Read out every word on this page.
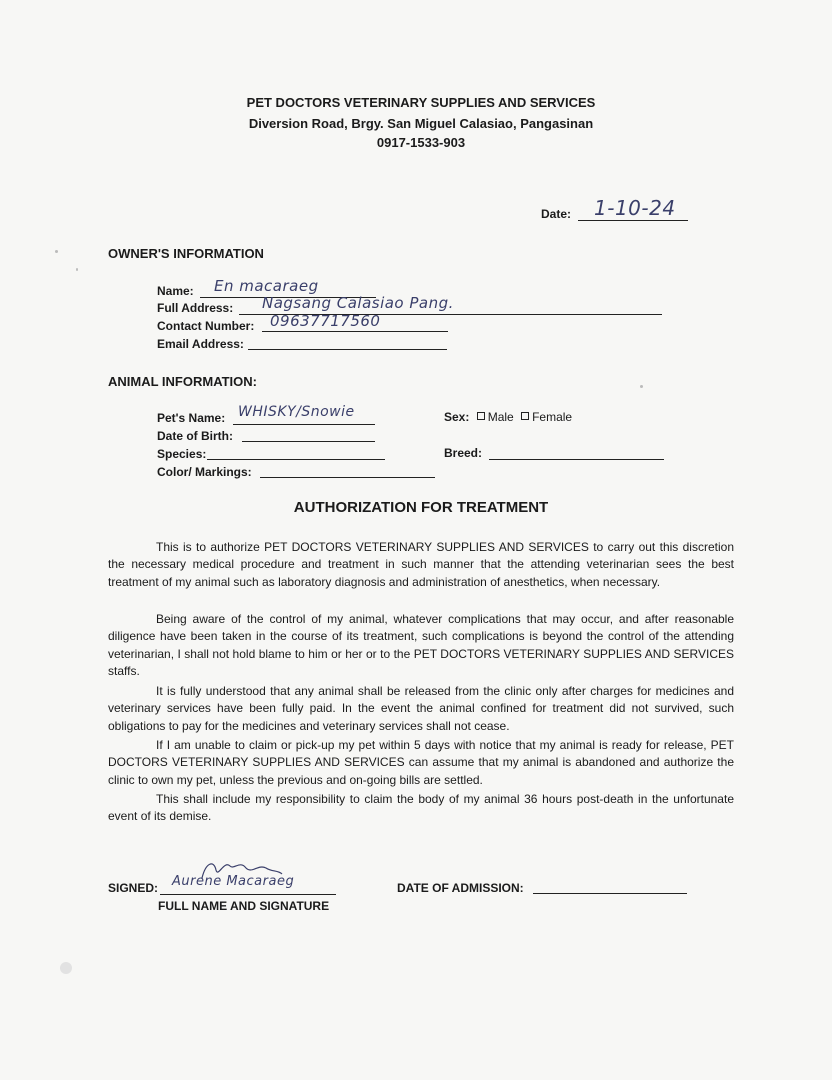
PET DOCTORS VETERINARY SUPPLIES AND SERVICES
Diversion Road, Brgy. San Miguel Calasiao, Pangasinan
0917-1533-903
Date: 1-10-24
OWNER'S INFORMATION
Name: En macaraeg
Full Address: Nagsang Calasiao Pang.
Contact Number: 09637717560
Email Address:
ANIMAL INFORMATION:
Pet's Name: WHISKY/Snowie
Date of Birth:
Species:
Color/ Markings:
Sex: Male Female
Breed:
AUTHORIZATION FOR TREATMENT

This is to authorize PET DOCTORS VETERINARY SUPPLIES AND SERVICES to carry out this discretion the necessary medical procedure and treatment in such manner that the attending veterinarian sees the best treatment of my animal such as laboratory diagnosis and administration of anesthetics, when necessary.

Being aware of the control of my animal, whatever complications that may occur, and after reasonable diligence have been taken in the course of its treatment, such complications is beyond the control of the attending veterinarian, I shall not hold blame to him or her or to the PET DOCTORS VETERINARY SUPPLIES AND SERVICES staffs.

It is fully understood that any animal shall be released from the clinic only after charges for medicines and veterinary services have been fully paid. In the event the animal confined for treatment did not survived, such obligations to pay for the medicines and veterinary services shall not cease.

If I am unable to claim or pick-up my pet within 5 days with notice that my animal is ready for release, PET DOCTORS VETERINARY SUPPLIES AND SERVICES can assume that my animal is abandoned and authorize the clinic to own my pet, unless the previous and on-going bills are settled.

This shall include my responsibility to claim the body of my animal 36 hours post-death in the unfortunate event of its demise.

SIGNED: Aurene Macaraeg
FULL NAME AND SIGNATURE
DATE OF ADMISSION:
